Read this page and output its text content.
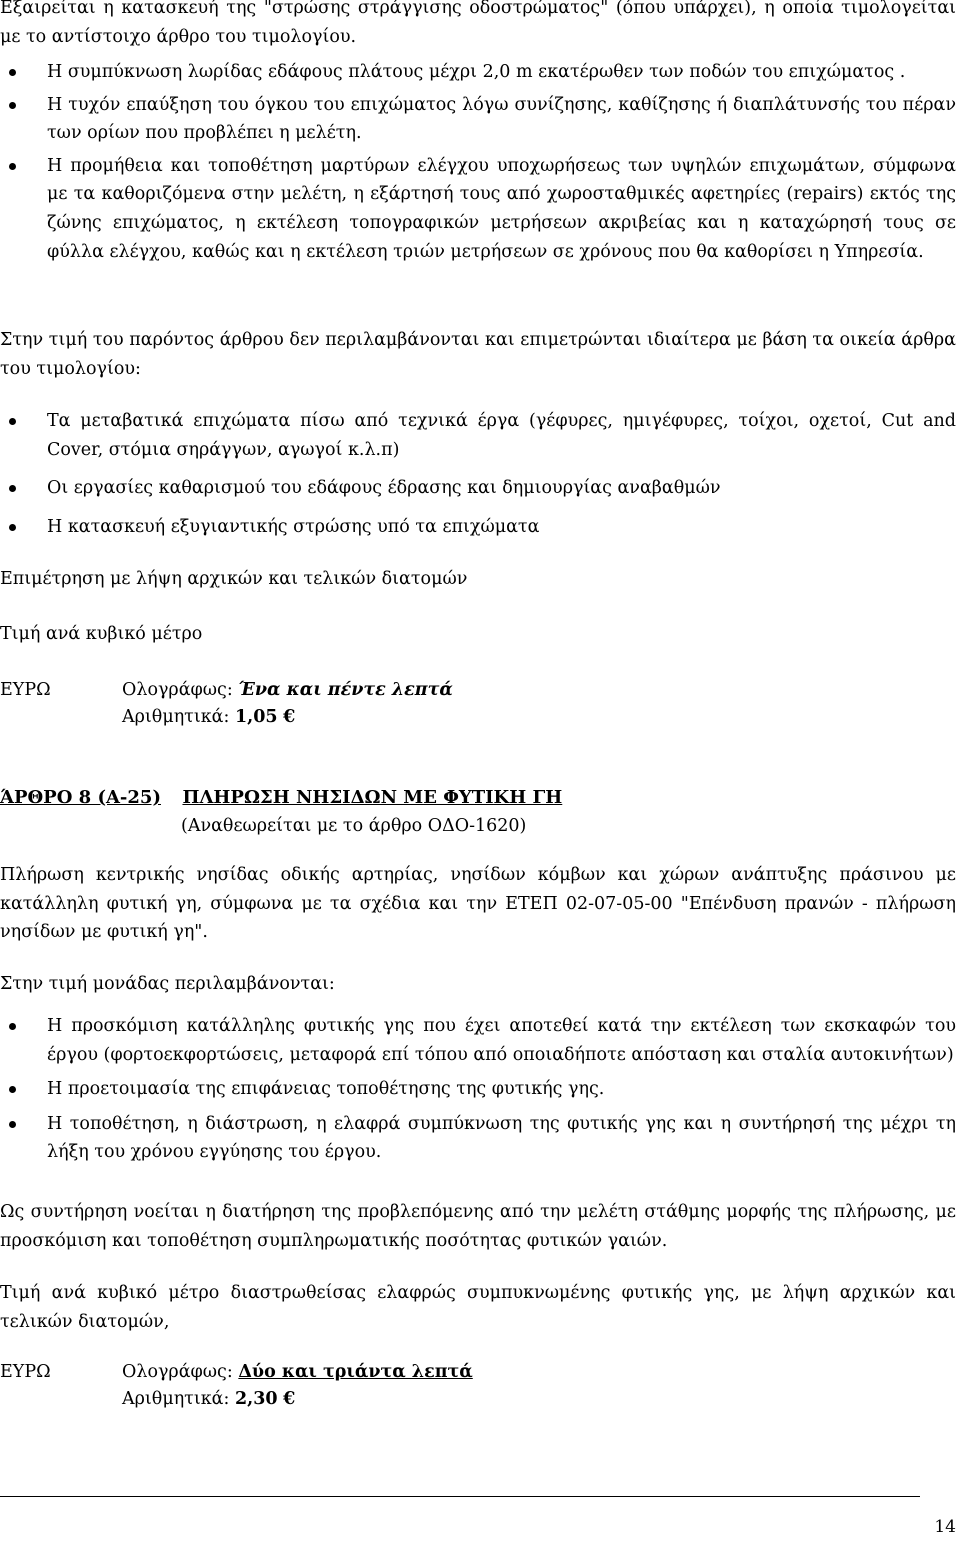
Εξαιρείται η κατασκευή της "στρώσης στράγγισης οδοστρώματος" (όπου υπάρχει), η οποία τιμολογείται με το αντίστοιχο άρθρο του τιμολογίου.

Η συμπύκνωση λωρίδας εδάφους πλάτους μέχρι 2,0 m εκατέρωθεν των ποδών του επιχώματος .
Η τυχόν επαύξηση του όγκου του επιχώματος λόγω συνίζησης, καθίζησης ή διαπλάτυνσής του πέραν των ορίων που προβλέπει η μελέτη.
Η προμήθεια και τοποθέτηση μαρτύρων ελέγχου υποχωρήσεως των υψηλών επιχωμάτων, σύμφωνα με τα καθοριζόμενα στην μελέτη, η εξάρτησή τους από χωροσταθμικές αφετηρίες (repairs) εκτός της ζώνης επιχώματος, η εκτέλεση τοπογραφικών μετρήσεων ακριβείας και η καταχώρησή τους σε φύλλα ελέγχου, καθώς και η εκτέλεση τριών μετρήσεων σε χρόνους που θα καθορίσει η Υπηρεσία.

Στην τιμή του παρόντος άρθρου δεν περιλαμβάνονται και επιμετρώνται ιδιαίτερα με βάση τα οικεία άρθρα του τιμολογίου:

Τα μεταβατικά επιχώματα πίσω από τεχνικά έργα (γέφυρες, ημιγέφυρες, τοίχοι, οχετοί, Cut and Cover, στόμια σηράγγων, αγωγοί κ.λ.π)
Οι εργασίες καθαρισμού του εδάφους έδρασης και δημιουργίας αναβαθμών
Η κατασκευή εξυγιαντικής στρώσης υπό τα επιχώματα

Επιμέτρηση με λήψη αρχικών και τελικών διατομών

Τιμή ανά κυβικό μέτρο

ΕΥΡΩ	Ολογράφως: Ένα και πέντε λεπτά
Αριθμητικά: 1,05 €
ΆΡΘΡΟ 8 (Α-25) ΠΛΗΡΩΣΗ ΝΗΣΙΔΩΝ ΜΕ ΦΥΤΙΚΗ ΓΗ
(Αναθεωρείται με το άρθρο ΟΔΟ-1620)

Πλήρωση κεντρικής νησίδας οδικής αρτηρίας, νησίδων κόμβων και χώρων ανάπτυξης πράσινου με κατάλληλη φυτική γη, σύμφωνα με τα σχέδια και την ΕΤΕΠ 02-07-05-00 "Επένδυση πρανών - πλήρωση νησίδων με φυτική γη".

Στην τιμή μονάδας περιλαμβάνονται:

Η προσκόμιση κατάλληλης φυτικής γης που έχει αποτεθεί κατά την εκτέλεση των εκσκαφών του έργου (φορτοεκφορτώσεις, μεταφορά επί τόπου από οποιαδήποτε απόσταση και σταλία αυτοκινήτων)
Η προετοιμασία της επιφάνειας τοποθέτησης της φυτικής γης.
Η τοποθέτηση, η διάστρωση, η ελαφρά συμπύκνωση της φυτικής γης και η συντήρησή της μέχρι τη λήξη του χρόνου εγγύησης του έργου.

Ως συντήρηση νοείται η διατήρηση της προβλεπόμενης από την μελέτη στάθμης μορφής της πλήρωσης, με προσκόμιση και τοποθέτηση συμπληρωματικής ποσότητας φυτικών γαιών.

Τιμή ανά κυβικό μέτρο διαστρωθείσας ελαφρώς συμπυκνωμένης φυτικής γης, με λήψη αρχικών και τελικών διατομών,

ΕΥΡΩ	Ολογράφως: Δύο και τριάντα λεπτά
Αριθμητικά: 2,30 €
14
